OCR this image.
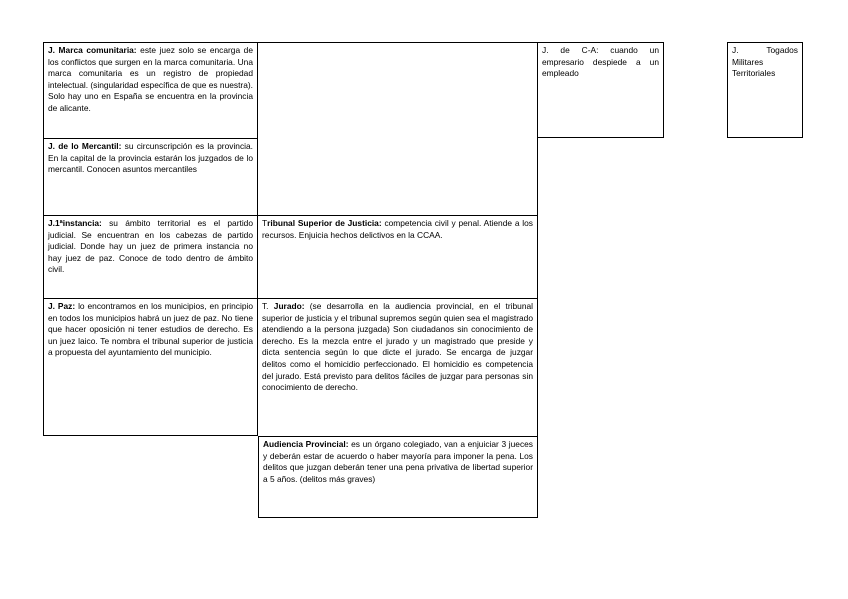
J. Marca comunitaria: este juez solo se encarga de los conflictos que surgen en la marca comunitaria. Una marca comunitaria es un registro de propiedad intelectual. (singularidad específica de que es nuestra). Solo hay uno en España se encuentra en la provincia de alicante.
J. de lo Mercantil: su circunscripción es la provincia. En la capital de la provincia estarán los juzgados de lo mercantil. Conocen asuntos mercantiles
J.1ªinstancia: su ámbito territorial es el partido judicial. Se encuentran en los cabezas de partido judicial. Donde hay un juez de primera instancia no hay juez de paz. Conoce de todo dentro de ámbito civil.
J. Paz: lo encontramos en los municipios, en principio en todos los municipios habrá un juez de paz. No tiene que hacer oposición ni tener estudios de derecho. Es un juez laico. Te nombra el tribunal superior de justicia a propuesta del ayuntamiento del municipio.
Tribunal Superior de Justicia: competencia civil y penal. Atiende a los recursos. Enjuicia hechos delictivos en la CCAA.
T. Jurado: (se desarrolla en la audiencia provincial, en el tribunal superior de justicia y el tribunal supremos según quien sea el magistrado atendiendo a la persona juzgada) Son ciudadanos sin conocimiento de derecho. Es la mezcla entre el jurado y un magistrado que preside y dicta sentencia según lo que dicte el jurado. Se encarga de juzgar delitos como el homicidio perfeccionado. El homicidio es competencia del jurado. Está previsto para delitos fáciles de juzgar para personas sin conocimiento de derecho.
Audiencia Provincial: es un órgano colegiado, van a enjuiciar 3 jueces y deberán estar de acuerdo o haber mayoría para imponer la pena. Los delitos que juzgan deberán tener una pena privativa de libertad superior a 5 años. (delitos más graves)
J. de C-A: cuando un empresario despiede a un empleado
J.	Togados
Militares
Territoriales
